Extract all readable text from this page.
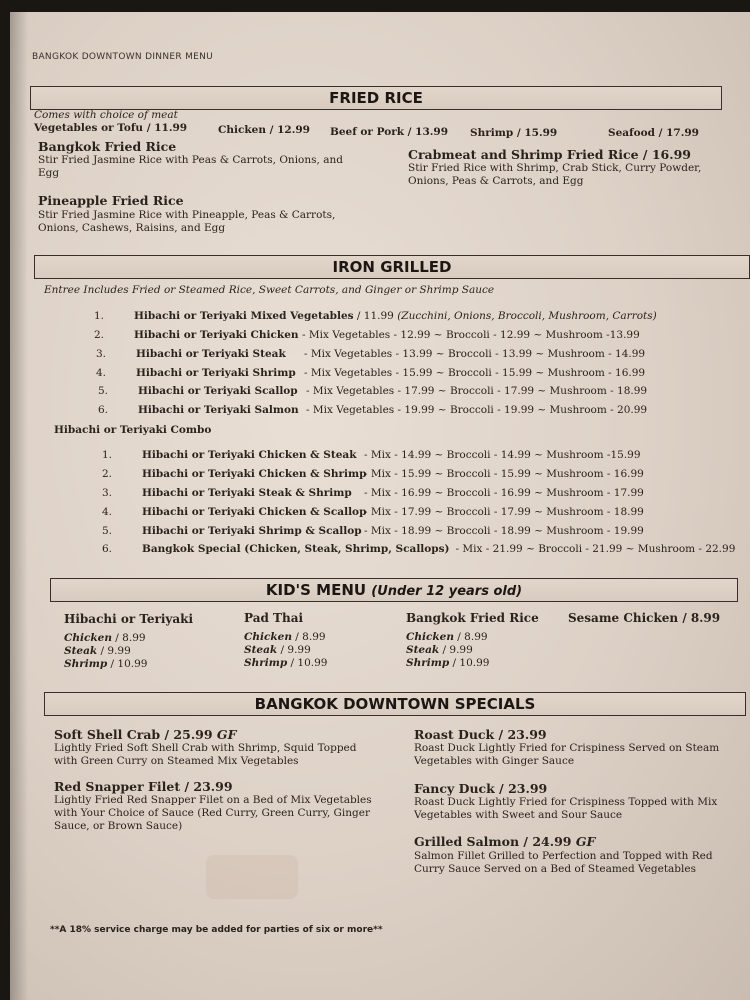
BANGKOK DOWNTOWN DINNER MENU
FRIED RICE
Comes with choice of meat
Vegetables or Tofu / 11.99	Chicken / 12.99 Beef or Pork / 13.99 Shrimp / 15.99	Seafood / 17.99
Bangkok Fried Rice
Stir Fried Jasmine Rice with Peas & Carrots, Onions, and Egg
Crabmeat and Shrimp Fried Rice / 16.99
Stir Fried Rice with Shrimp, Crab Stick, Curry Powder, Onions, Peas & Carrots, and Egg
Pineapple Fried Rice
Stir Fried Jasmine Rice with Pineapple, Peas & Carrots, Onions, Cashews, Raisins, and Egg
IRON GRILLED
Entree Includes Fried or Steamed Rice, Sweet Carrots, and Ginger or Shrimp Sauce
1.	Hibachi or Teriyaki Mixed Vegetables / 11.99 (Zucchini, Onions, Broccoli, Mushroom, Carrots)
2.	Hibachi or Teriyaki Chicken - Mix Vegetables - 12.99 ~ Broccoli - 12.99 ~ Mushroom -13.99
3.	Hibachi or Teriyaki Steak - Mix Vegetables - 13.99 ~ Broccoli - 13.99 ~ Mushroom - 14.99
4.	Hibachi or Teriyaki Shrimp - Mix Vegetables - 15.99 ~ Broccoli - 15.99 ~ Mushroom - 16.99
5.	Hibachi or Teriyaki Scallop - Mix Vegetables - 17.99 ~ Broccoli - 17.99 ~ Mushroom - 18.99
6.	Hibachi or Teriyaki Salmon - Mix Vegetables - 19.99 ~ Broccoli - 19.99 ~ Mushroom - 20.99
Hibachi or Teriyaki Combo
1.	Hibachi or Teriyaki Chicken & Steak - Mix - 14.99 ~ Broccoli - 14.99 ~ Mushroom -15.99
2.	Hibachi or Teriyaki Chicken & Shrimp- Mix - 15.99 ~ Broccoli - 15.99 ~ Mushroom - 16.99
3.	Hibachi or Teriyaki Steak & Shrimp - Mix - 16.99 ~ Broccoli - 16.99 ~ Mushroom - 17.99
4.	Hibachi or Teriyaki Chicken & Scallop- Mix - 17.99 ~ Broccoli - 17.99 ~ Mushroom - 18.99
5.	Hibachi or Teriyaki Shrimp & Scallop - Mix - 18.99 ~ Broccoli - 18.99 ~ Mushroom - 19.99
6.	Bangkok Special (Chicken, Steak, Shrimp, Scallops) - Mix - 21.99 ~ Broccoli - 21.99 ~ Mushroom - 22.99
KID'S MENU (Under 12 years old)
Hibachi or Teriyaki
Chicken / 8.99
Steak / 9.99
Shrimp / 10.99
Pad Thai
Chicken / 8.99
Steak / 9.99
Shrimp / 10.99
Bangkok Fried Rice
Chicken / 8.99
Steak / 9.99
Shrimp / 10.99
Sesame Chicken / 8.99
BANGKOK DOWNTOWN SPECIALS
Soft Shell Crab / 25.99 GF
Lightly Fried Soft Shell Crab with Shrimp, Squid Topped with Green Curry on Steamed Mix Vegetables
Red Snapper Filet / 23.99
Lightly Fried Red Snapper Filet on a Bed of Mix Vegetables with Your Choice of Sauce (Red Curry, Green Curry, Ginger Sauce, or Brown Sauce)
Roast Duck / 23.99
Roast Duck Lightly Fried for Crispiness Served on Steam Vegetables with Ginger Sauce
Fancy Duck / 23.99
Roast Duck Lightly Fried for Crispiness Topped with Mix Vegetables with Sweet and Sour Sauce
Grilled Salmon / 24.99 GF
Salmon Fillet Grilled to Perfection and Topped with Red Curry Sauce Served on a Bed of Steamed Vegetables
**A 18% service charge may be added for parties of six or more**
